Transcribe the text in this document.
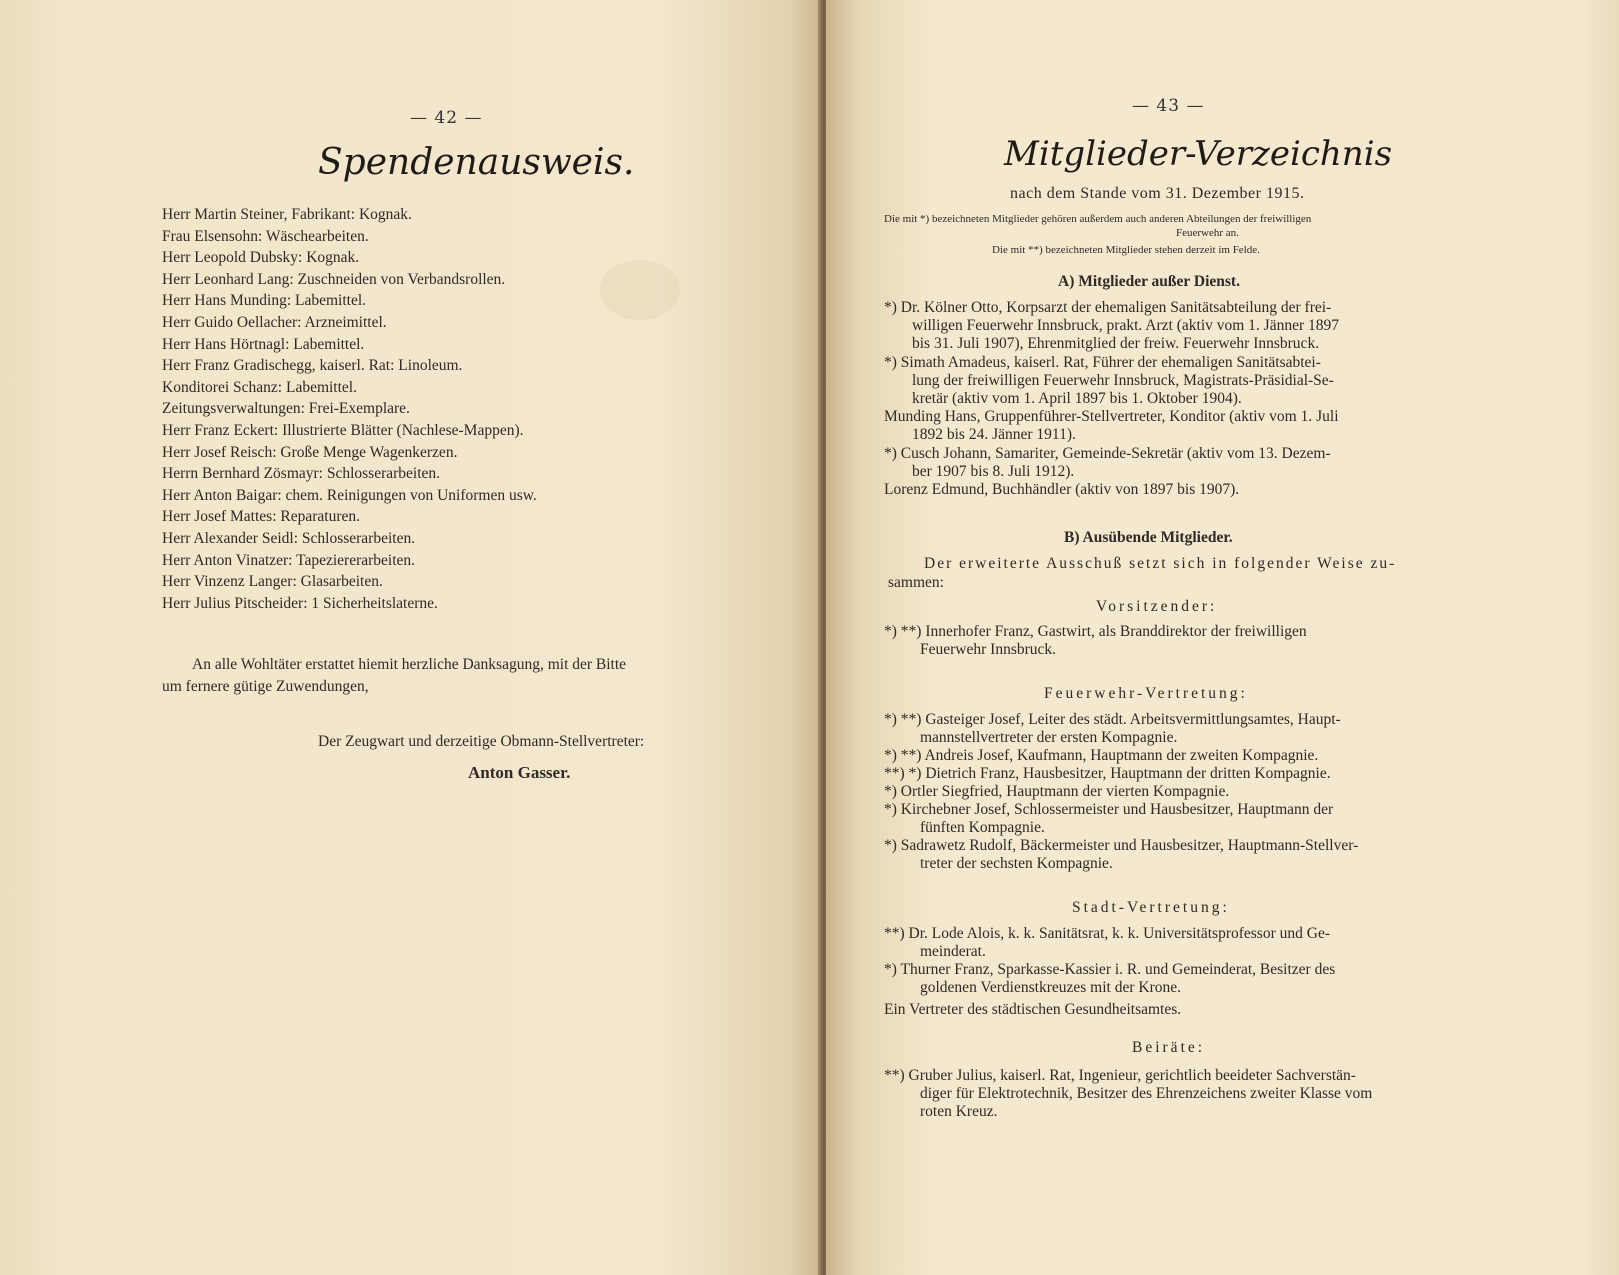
— 42 —
Spendenausweis.
Herr Martin Steiner, Fabrikant: Kognak.
Frau Elsensohn: Wäschearbeiten.
Herr Leopold Dubsky: Kognak.
Herr Leonhard Lang: Zuschneiden von Verbandsrollen.
Herr Hans Munding: Labemittel.
Herr Guido Oellacher: Arzneimittel.
Herr Hans Hörtnagl: Labemittel.
Herr Franz Gradischegg, kaiserl. Rat: Linoleum.
Konditorei Schanz: Labemittel.
Zeitungsverwaltungen: Frei-Exemplare.
Herr Franz Eckert: Illustrierte Blätter (Nachlese-Mappen).
Herr Josef Reisch: Große Menge Wagenkerzen.
Herrn Bernhard Zösmayr: Schlosserarbeiten.
Herr Anton Baigar: chem. Reinigungen von Uniformen usw.
Herr Josef Mattes: Reparaturen.
Herr Alexander Seidl: Schlosserarbeiten.
Herr Anton Vinatzer: Tapeziererarbeiten.
Herr Vinzenz Langer: Glasarbeiten.
Herr Julius Pitscheider: 1 Sicherheitslaterne.
An alle Wohltäter erstattet hiemit herzliche Danksagung, mit der Bitte
um fernere gütige Zuwendungen,
Der Zeugwart und derzeitige Obmann-Stellvertreter:
Anton Gasser.
— 43 —
Mitglieder-Verzeichnis
nach dem Stande vom 31. Dezember 1915.
Die mit *) bezeichneten Mitglieder gehören außerdem auch anderen Abteilungen der freiwilligen
Feuerwehr an.
Die mit **) bezeichneten Mitglieder stehen derzeit im Felde.
A) Mitglieder außer Dienst.
*) Dr. Kölner Otto, Korpsarzt der ehemaligen Sanitätsabteilung der frei-
willigen Feuerwehr Innsbruck, prakt. Arzt (aktiv vom 1. Jänner 1897
bis 31. Juli 1907), Ehrenmitglied der freiw. Feuerwehr Innsbruck.
*) Simath Amadeus, kaiserl. Rat, Führer der ehemaligen Sanitätsabtei-
lung der freiwilligen Feuerwehr Innsbruck, Magistrats-Präsidial-Se-
kretär (aktiv vom 1. April 1897 bis 1. Oktober 1904).
Munding Hans, Gruppenführer-Stellvertreter, Konditor (aktiv vom 1. Juli
1892 bis 24. Jänner 1911).
*) Cusch Johann, Samariter, Gemeinde-Sekretär (aktiv vom 13. Dezem-
ber 1907 bis 8. Juli 1912).
Lorenz Edmund, Buchhändler (aktiv von 1897 bis 1907).
B) Ausübende Mitglieder.
Der erweiterte Ausschuß setzt sich in folgender Weise zu-
sammen:
Vorsitzender:
*) **) Innerhofer Franz, Gastwirt, als Branddirektor der freiwilligen
Feuerwehr Innsbruck.
Feuerwehr-Vertretung:
*) **) Gasteiger Josef, Leiter des städt. Arbeitsvermittlungsamtes, Haupt-
mannstellvertreter der ersten Kompagnie.
*) **) Andreis Josef, Kaufmann, Hauptmann der zweiten Kompagnie.
**) *) Dietrich Franz, Hausbesitzer, Hauptmann der dritten Kompagnie.
*) Ortler Siegfried, Hauptmann der vierten Kompagnie.
*) Kirchebner Josef, Schlossermeister und Hausbesitzer, Hauptmann der
fünften Kompagnie.
*) Sadrawetz Rudolf, Bäckermeister und Hausbesitzer, Hauptmann-Stellver-
treter der sechsten Kompagnie.
Stadt-Vertretung:
**) Dr. Lode Alois, k. k. Sanitätsrat, k. k. Universitätsprofessor und Ge-
meinderat.
*) Thurner Franz, Sparkasse-Kassier i. R. und Gemeinderat, Besitzer des
goldenen Verdienstkreuzes mit der Krone.
Ein Vertreter des städtischen Gesundheitsamtes.
Beiräte:
**) Gruber Julius, kaiserl. Rat, Ingenieur, gerichtlich beeideter Sachverstän-
diger für Elektrotechnik, Besitzer des Ehrenzeichens zweiter Klasse vom
roten Kreuz.
